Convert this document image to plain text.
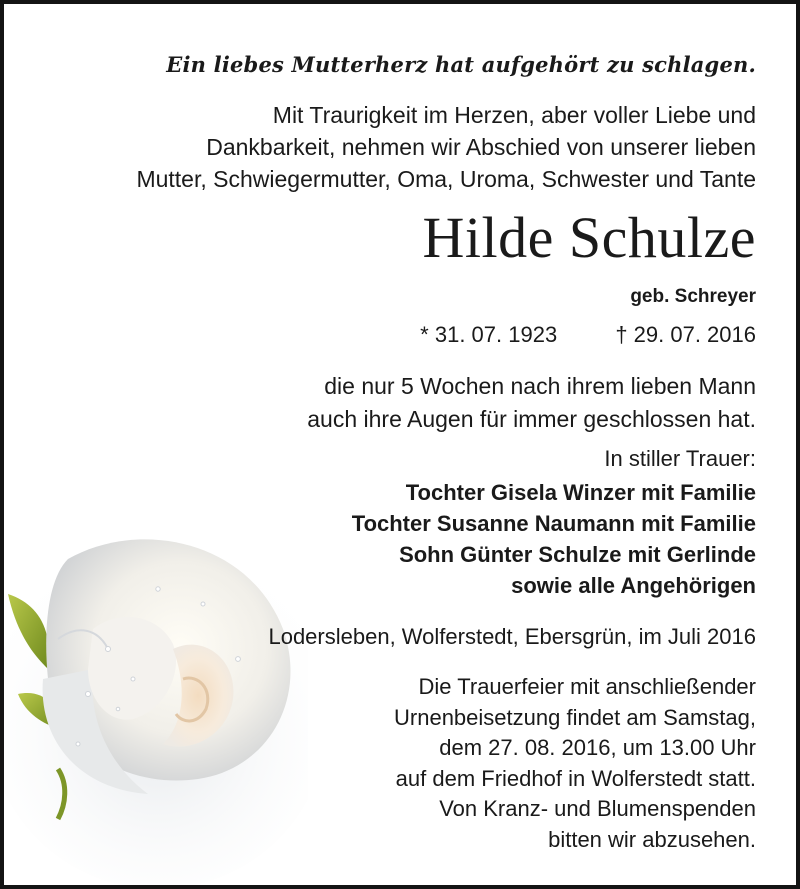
Ein liebes Mutterherz hat aufgehört zu schlagen.
Mit Traurigkeit im Herzen, aber voller Liebe und
Dankbarkeit, nehmen wir Abschied von unserer lieben
Mutter, Schwiegermutter, Oma, Uroma, Schwester und Tante
Hilde Schulze
geb. Schreyer
* 31. 07. 1923	† 29. 07. 2016
die nur 5 Wochen nach ihrem lieben Mann
auch ihre Augen für immer geschlossen hat.
In stiller Trauer:
Tochter Gisela Winzer mit Familie
Tochter Susanne Naumann mit Familie
Sohn Günter Schulze mit Gerlinde
sowie alle Angehörigen
Lodersleben, Wolferstedt, Ebersgrün, im Juli 2016
Die Trauerfeier mit anschließender
Urnenbeisetzung findet am Samstag,
dem 27. 08. 2016, um 13.00 Uhr
auf dem Friedhof in Wolferstedt statt.
Von Kranz- und Blumenspenden
bitten wir abzusehen.
